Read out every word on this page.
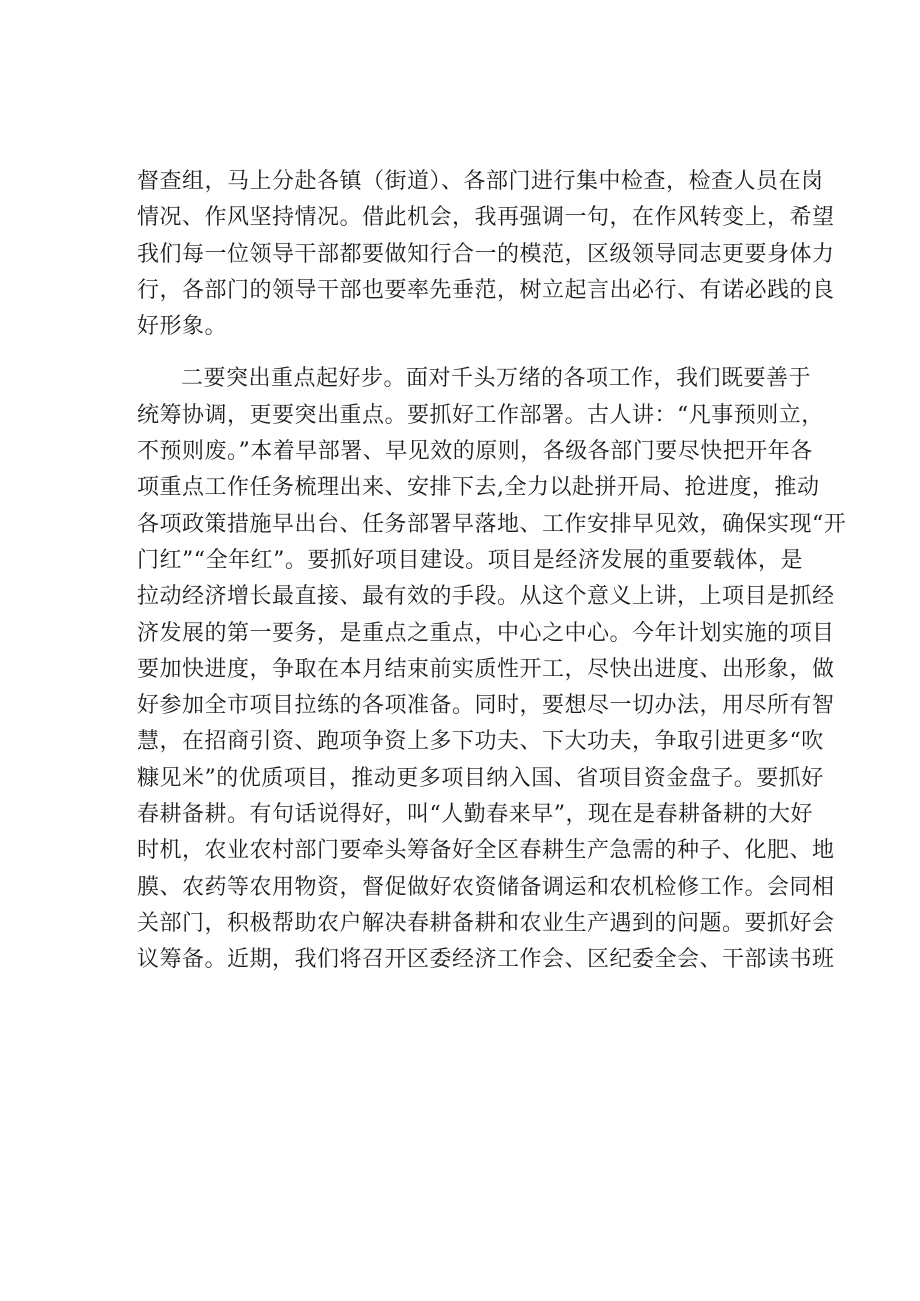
督查组，马上分赴各镇（街道）、各部门进行集中检查，检查人员在岗
情况、作风坚持情况。借此机会，我再强调一句，在作风转变上，希望
我们每一位领导干部都要做知行合一的模范，区级领导同志更要身体力
行，各部门的领导干部也要率先垂范，树立起言出必行、有诺必践的良
好形象。
二要突出重点起好步。面对千头万绪的各项工作，我们既要善于
统筹协调，更要突出重点。要抓好工作部署。古人讲：“凡事预则立，
不预则废。”本着早部署、早见效的原则，各级各部门要尽快把开年各
项重点工作任务梳理出来、安排下去,全力以赴拼开局、抢进度，推动
各项政策措施早出台、任务部署早落地、工作安排早见效，确保实现“开
门红”“全年红”。要抓好项目建设。项目是经济发展的重要载体，是
拉动经济增长最直接、最有效的手段。从这个意义上讲，上项目是抓经
济发展的第一要务，是重点之重点，中心之中心。今年计划实施的项目
要加快进度，争取在本月结束前实质性开工，尽快出进度、出形象，做
好参加全市项目拉练的各项准备。同时，要想尽一切办法，用尽所有智
慧，在招商引资、跑项争资上多下功夫、下大功夫，争取引进更多“吹
糠见米”的优质项目，推动更多项目纳入国、省项目资金盘子。要抓好
春耕备耕。有句话说得好，叫“人勤春来早”，现在是春耕备耕的大好
时机，农业农村部门要牵头筹备好全区春耕生产急需的种子、化肥、地
膜、农药等农用物资，督促做好农资储备调运和农机检修工作。会同相
关部门，积极帮助农户解决春耕备耕和农业生产遇到的问题。要抓好会
议筹备。近期，我们将召开区委经济工作会、区纪委全会、干部读书班
